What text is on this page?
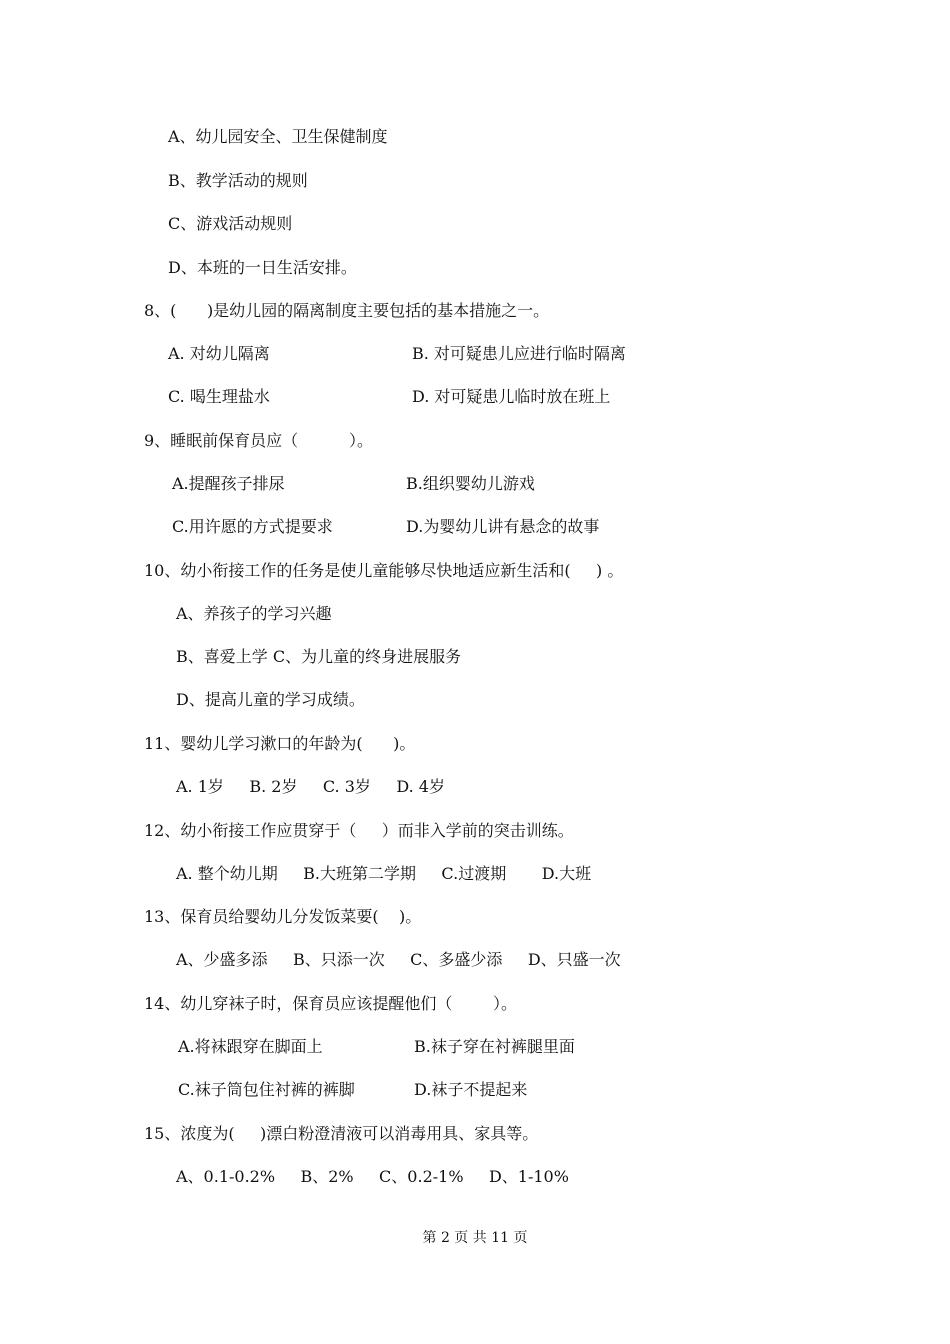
A、幼儿园安全、卫生保健制度
B、教学活动的规则
C、游戏活动规则
D、本班的一日生活安排。
8、(      )是幼儿园的隔离制度主要包括的基本措施之一。
A. 对幼儿隔离	B. 对可疑患儿应进行临时隔离
C. 喝生理盐水	D. 对可疑患儿临时放在班上
9、睡眠前保育员应（          ）。
A.提醒孩子排尿	B.组织婴幼儿游戏
C.用许愿的方式提要求	D.为婴幼儿讲有悬念的故事
10、幼小衔接工作的任务是使儿童能够尽快地适应新生活和(     ) 。
A、养孩子的学习兴趣
B、喜爱上学 C、为儿童的终身进展服务
D、提高儿童的学习成绩。
11、婴幼儿学习漱口的年龄为(      )。
A. 1岁     B. 2岁     C. 3岁     D. 4岁
12、幼小衔接工作应贯穿于（     ）而非入学前的突击训练。
A. 整个幼儿期     B.大班第二学期     C.过渡期       D.大班
13、保育员给婴幼儿分发饭菜要(    )。
A、少盛多添     B、只添一次     C、多盛少添     D、只盛一次
14、幼儿穿袜子时，保育员应该提醒他们（        ）。
A.将袜跟穿在脚面上	B.袜子穿在衬裤腿里面
C.袜子筒包住衬裤的裤脚	D.袜子不提起来
15、浓度为(     )漂白粉澄清液可以消毒用具、家具等。
A、0.1-0.2%     B、2%     C、0.2-1%     D、1-10%
第 2 页 共 11 页
